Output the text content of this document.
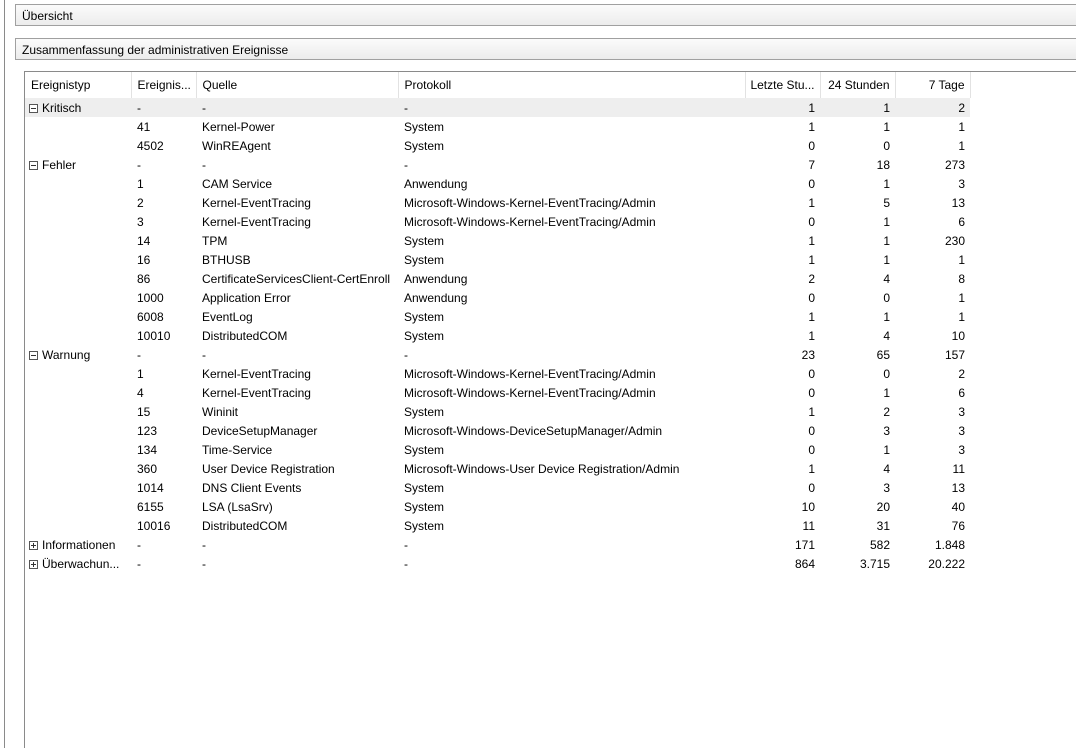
Übersicht
Zusammenfassung der administrativen Ereignisse
Ereignistyp	Ereignis...	Quelle	Protokoll	Letzte Stu...	24 Stunden	7 Tage
Kritisch	-	-	-	1	1	2
	41	Kernel-Power	System	1	1	1
	4502	WinREAgent	System	0	0	1
Fehler	-	-	-	7	18	273
	1	CAM Service	Anwendung	0	1	3
	2	Kernel-EventTracing	Microsoft-Windows-Kernel-EventTracing/Admin	1	5	13
	3	Kernel-EventTracing	Microsoft-Windows-Kernel-EventTracing/Admin	0	1	6
	14	TPM	System	1	1	230
	16	BTHUSB	System	1	1	1
	86	CertificateServicesClient-CertEnroll	Anwendung	2	4	8
	1000	Application Error	Anwendung	0	0	1
	6008	EventLog	System	1	1	1
	10010	DistributedCOM	System	1	4	10
Warnung	-	-	-	23	65	157
	1	Kernel-EventTracing	Microsoft-Windows-Kernel-EventTracing/Admin	0	0	2
	4	Kernel-EventTracing	Microsoft-Windows-Kernel-EventTracing/Admin	0	1	6
	15	Wininit	System	1	2	3
	123	DeviceSetupManager	Microsoft-Windows-DeviceSetupManager/Admin	0	3	3
	134	Time-Service	System	0	1	3
	360	User Device Registration	Microsoft-Windows-User Device Registration/Admin	1	4	11
	1014	DNS Client Events	System	0	3	13
	6155	LSA (LsaSrv)	System	10	20	40
	10016	DistributedCOM	System	11	31	76
Informationen	-	-	-	171	582	1.848
Überwachun...	-	-	-	864	3.715	20.222
